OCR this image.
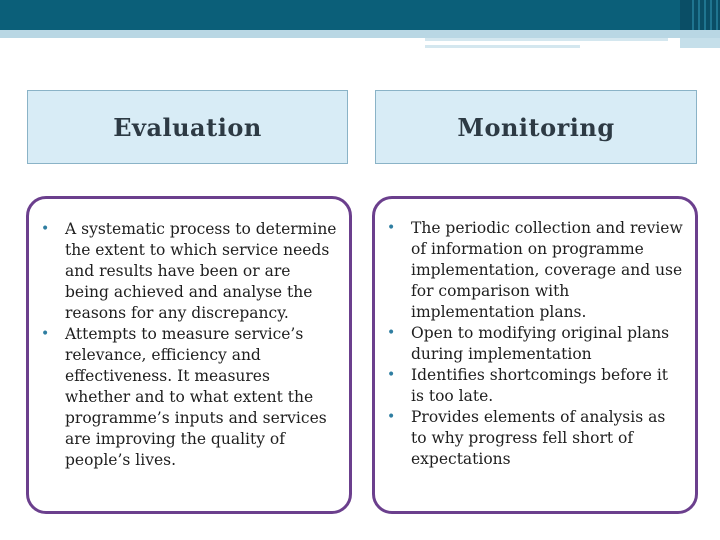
Evaluation	Monitoring
• A systematic process to determine the extent to which service needs and results have been or are being achieved and analyse the reasons for any discrepancy.
• Attempts to measure service’s relevance, efficiency and effectiveness. It measures whether and to what extent the programme’s inputs and services are improving the quality of people’s lives.
• The periodic collection and review of information on programme implementation, coverage and use for comparison with implementation plans.
• Open to modifying original plans during implementation
• Identifies shortcomings before it is too late.
• Provides elements of analysis as to why progress fell short of expectations
